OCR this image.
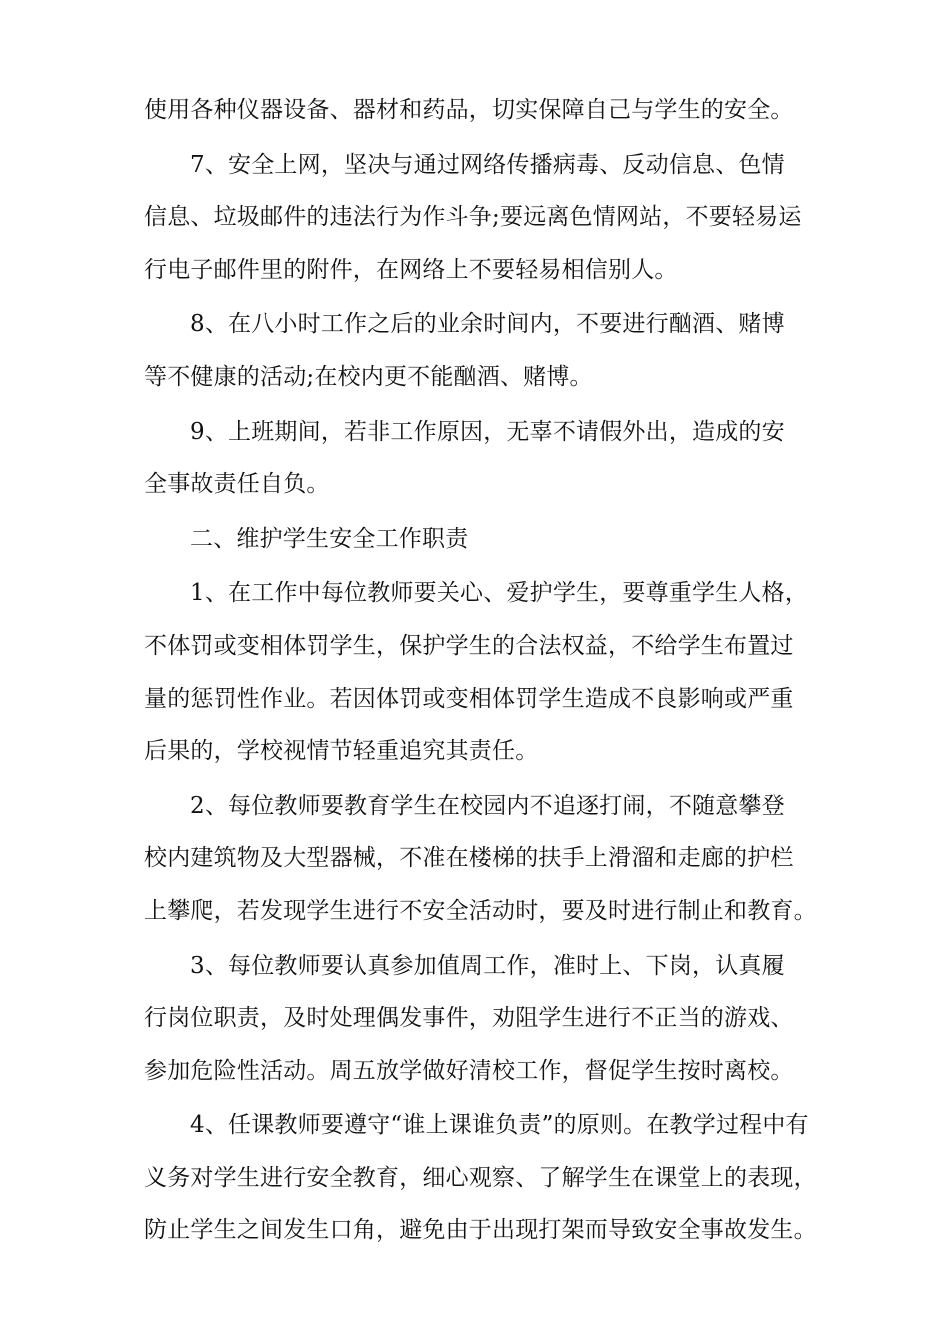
使用各种仪器设备、器材和药品，切实保障自己与学生的安全。

7、安全上网，坚决与通过网络传播病毒、反动信息、色情
信息、垃圾邮件的违法行为作斗争;要远离色情网站，不要轻易运
行电子邮件里的附件，在网络上不要轻易相信别人。

8、在八小时工作之后的业余时间内，不要进行酗酒、赌博
等不健康的活动;在校内更不能酗酒、赌博。

9、上班期间，若非工作原因，无辜不请假外出，造成的安
全事故责任自负。

二、维护学生安全工作职责

1、在工作中每位教师要关心、爱护学生，要尊重学生人格，
不体罚或变相体罚学生，保护学生的合法权益，不给学生布置过
量的惩罚性作业。若因体罚或变相体罚学生造成不良影响或严重
后果的，学校视情节轻重追究其责任。

2、每位教师要教育学生在校园内不追逐打闹，不随意攀登
校内建筑物及大型器械，不准在楼梯的扶手上滑溜和走廊的护栏
上攀爬，若发现学生进行不安全活动时，要及时进行制止和教育。

3、每位教师要认真参加值周工作，准时上、下岗，认真履
行岗位职责，及时处理偶发事件，劝阻学生进行不正当的游戏、
参加危险性活动。周五放学做好清校工作，督促学生按时离校。

4、任课教师要遵守“谁上课谁负责”的原则。在教学过程中有
义务对学生进行安全教育，细心观察、了解学生在课堂上的表现，
防止学生之间发生口角，避免由于出现打架而导致安全事故发生。
